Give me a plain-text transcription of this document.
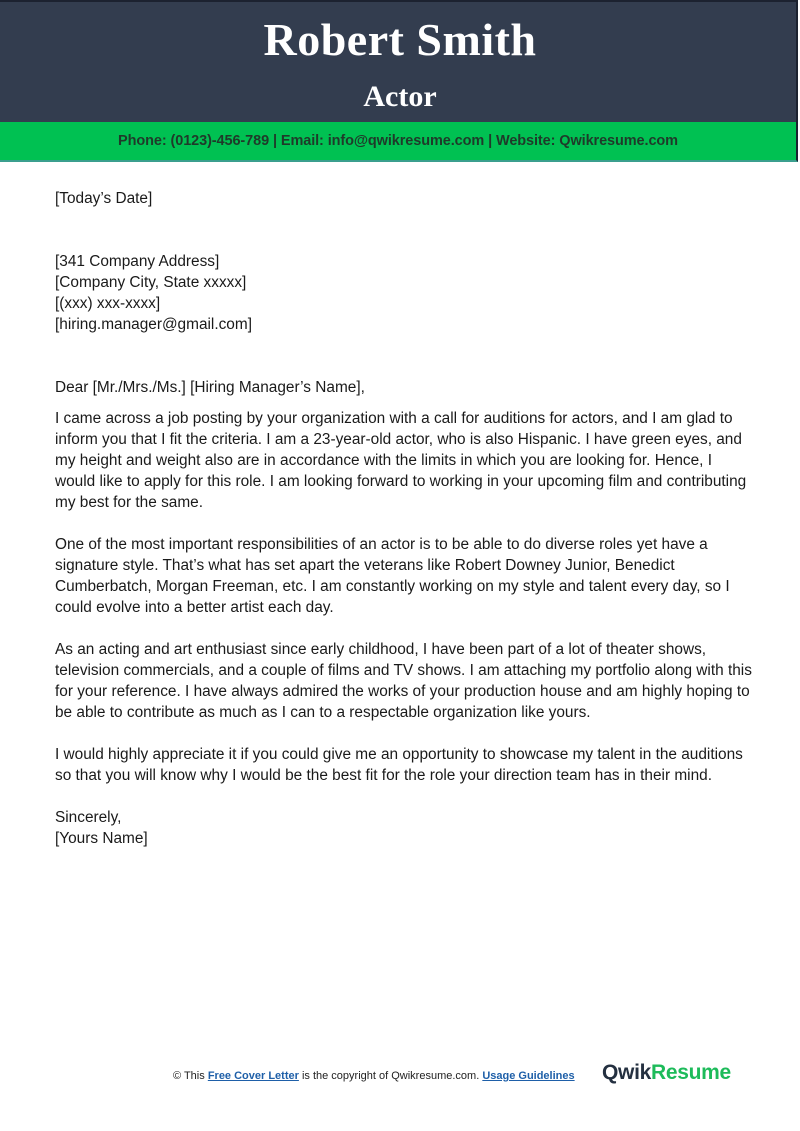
Robert Smith
Actor
Phone: (0123)-456-789 | Email: info@qwikresume.com | Website: Qwikresume.com

[Today’s Date]

[341 Company Address]

[Company City, State xxxxx]

[(xxx) xxx-xxxx]

[hiring.manager@gmail.com]

Dear [Mr./Mrs./Ms.] [Hiring Manager’s Name],

I came across a job posting by your organization with a call for auditions for actors, and I am glad to inform you that I fit the criteria. I am a 23-year-old actor, who is also Hispanic. I have green eyes, and my height and weight also are in accordance with the limits in which you are looking for. Hence, I would like to apply for this role. I am looking forward to working in your upcoming film and contributing my best for the same.

One of the most important responsibilities of an actor is to be able to do diverse roles yet have a signature style. That’s what has set apart the veterans like Robert Downey Junior, Benedict Cumberbatch, Morgan Freeman, etc. I am constantly working on my style and talent every day, so I could evolve into a better artist each day.

As an acting and art enthusiast since early childhood, I have been part of a lot of theater shows, television commercials, and a couple of films and TV shows. I am attaching my portfolio along with this for your reference. I have always admired the works of your production house and am highly hoping to be able to contribute as much as I can to a respectable organization like yours.

I would highly appreciate it if you could give me an opportunity to showcase my talent in the auditions so that you will know why I would be the best fit for the role your direction team has in their mind.

Sincerely,

[Yours Name]

© This Free Cover Letter is the copyright of Qwikresume.com. Usage Guidelines QwikResume
